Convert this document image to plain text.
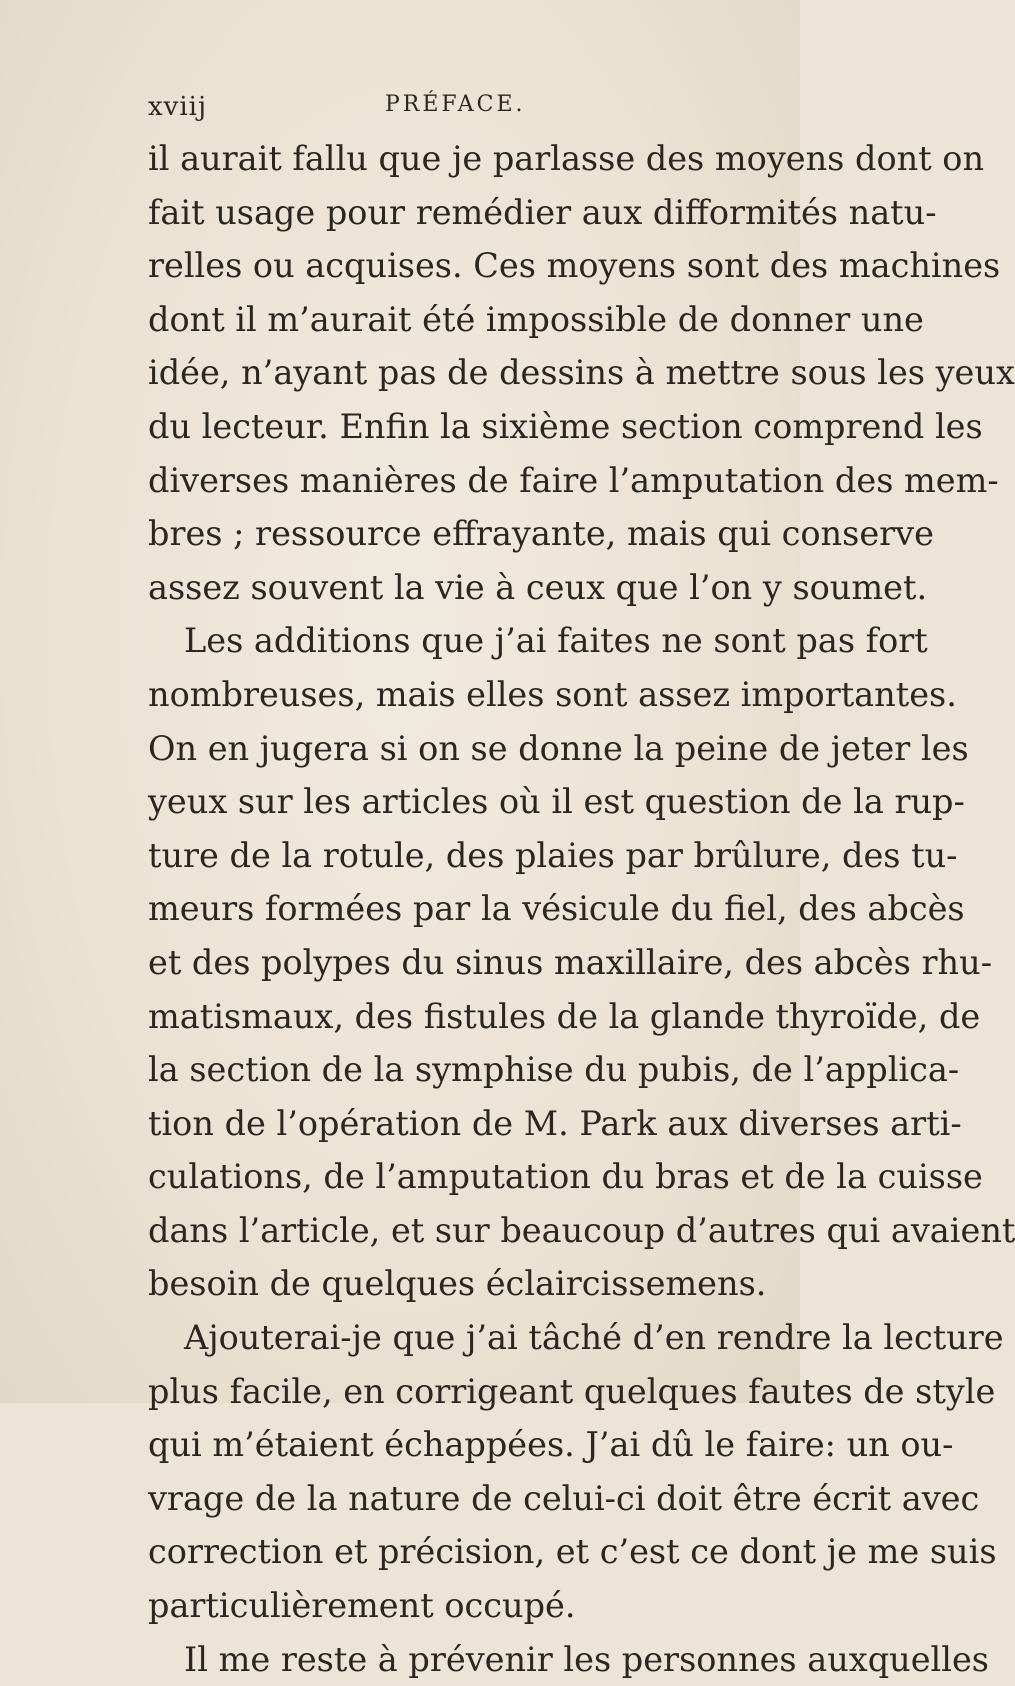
xviij	PRÉFACE.
il aurait fallu que je parlasse des moyens dont on
fait usage pour remédier aux difformités natu-
relles ou acquises. Ces moyens sont des machines
dont il m’aurait été impossible de donner une
idée, n’ayant pas de dessins à mettre sous les yeux
du lecteur. Enfin la sixième section comprend les
diverses manières de faire l’amputation des mem-
bres ; ressource effrayante, mais qui conserve
assez souvent la vie à ceux que l’on y soumet.
Les additions que j’ai faites ne sont pas fort
nombreuses, mais elles sont assez importantes.
On en jugera si on se donne la peine de jeter les
yeux sur les articles où il est question de la rup-
ture de la rotule, des plaies par brûlure, des tu-
meurs formées par la vésicule du fiel, des abcès
et des polypes du sinus maxillaire, des abcès rhu-
matismaux, des fistules de la glande thyroïde, de
la section de la symphise du pubis, de l’applica-
tion de l’opération de M. Park aux diverses arti-
culations, de l’amputation du bras et de la cuisse
dans l’article, et sur beaucoup d’autres qui avaient
besoin de quelques éclaircissemens.
Ajouterai-je que j’ai tâché d’en rendre la lecture
plus facile, en corrigeant quelques fautes de style
qui m’étaient échappées. J’ai dû le faire: un ou-
vrage de la nature de celui-ci doit être écrit avec
correction et précision, et c’est ce dont je me suis
particulièrement occupé.
Il me reste à prévenir les personnes auxquelles
